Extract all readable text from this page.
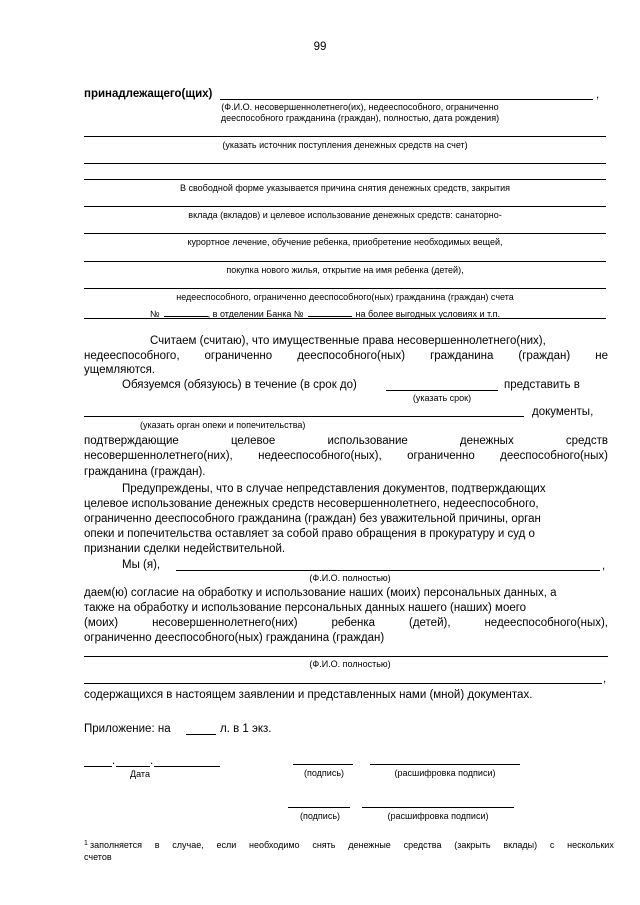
99
принадлежащего(щих)	,
(Ф.И.О. несовершеннолетнего(их), недееспособного, ограниченно
дееспособного гражданина (граждан), полностью, дата рождения)
(указать источник поступления денежных средств на счет)
В свободной форме указывается причина снятия денежных средств, закрытия
вклада (вкладов) и целевое использование денежных средств: санаторно-
курортное лечение, обучение ребенка, приобретение необходимых вещей,
покупка нового жилья, открытие на имя ребенка (детей),
недееспособного, ограниченно дееспособного(ных) гражданина (граждан) счета
№	, в отделении Банка №	на более выгодных условиях и т.п.
Считаем (считаю), что имущественные права несовершеннолетнего(них),
недееспособного, ограниченно дееспособного(ных) гражданина (граждан) не
ущемляются.
Обязуемся (обязуюсь) в течение (в срок до)	представить в
(указать срок)
документы,
(указать орган опеки и попечительства)
подтверждающие	целевое	использование	денежных	средств
несовершеннолетнего(них), недееспособного(ных), ограниченно дееспособного(ных)
гражданина (граждан).
Предупреждены, что в случае непредставления документов, подтверждающих
целевое использование денежных средств несовершеннолетнего, недееспособного,
ограниченно дееспособного гражданина (граждан) без уважительной причины, орган
опеки и попечительства оставляет за собой право обращения в прокуратуру и суд о
признании сделки недействительной.
Мы (я),	,
(Ф.И.О. полностью)
даем(ю) согласие на обработку и использование наших (моих) персональных данных, а
также на обработку и использование персональных данных нашего (наших) моего
(моих)	несовершеннолетнего(них)	ребенка	(детей),	недееспособного(ных),
ограниченно дееспособного(ных) гражданина (граждан)
(Ф.И.О. полностью)
,
содержащихся в настоящем заявлении и представленных нами (мной) документах.
Приложение: на	л. в 1 экз.
.	.
Дата	(подпись)	(расшифровка подписи)
(подпись)	(расшифровка подписи)
$^1$ заполняется в случае, если необходимо снять денежные средства (закрыть вклады) с нескольких
счетов
